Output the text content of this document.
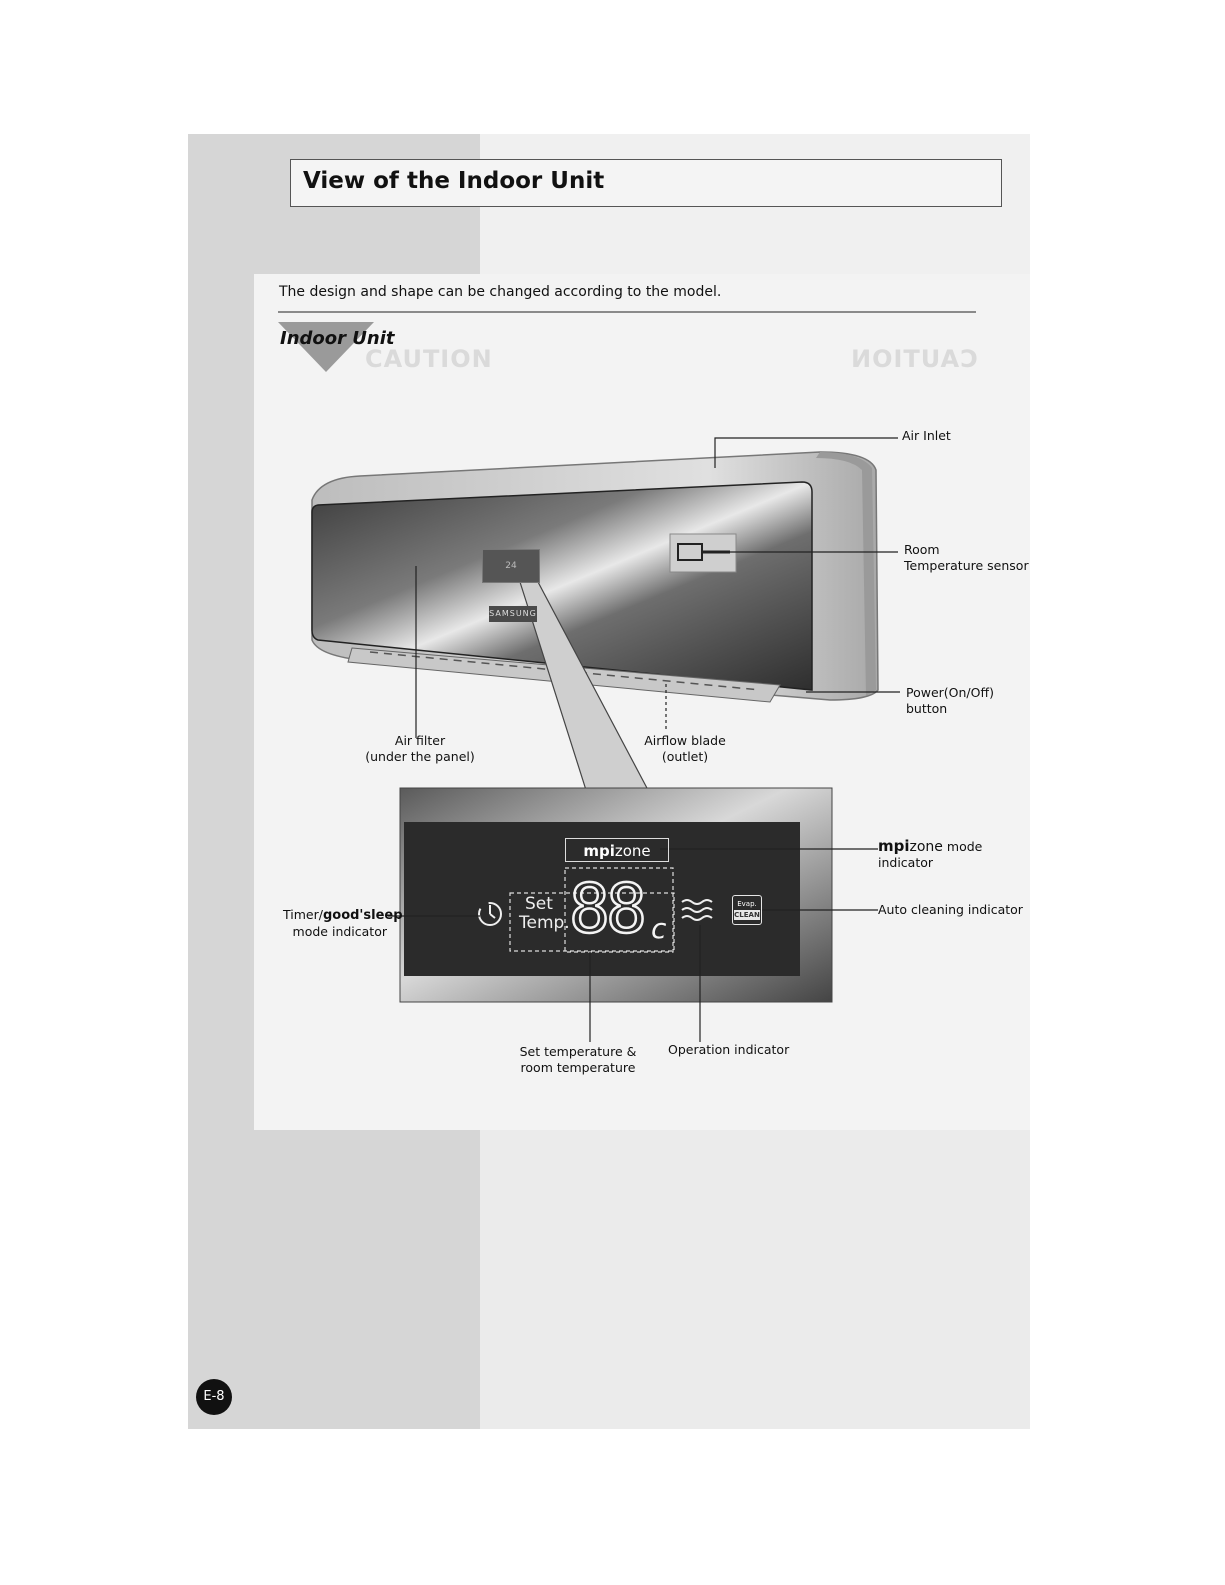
View of the Indoor Unit
The design and shape can be changed according to the model.
Indoor Unit
CAUTION	CAUTION
24
SAMSUNG
mpizone
Set
Temp. 88 c
Evap.
CLEAN
Air Inlet
Room
Temperature sensor
Power(On/Off)
button
Air filter
(under the panel)
Airflow blade
(outlet)
mpizone mode
indicator
Auto cleaning indicator
Timer/good'sleep
mode indicator
Set temperature &
room temperature
Operation indicator
E-8
